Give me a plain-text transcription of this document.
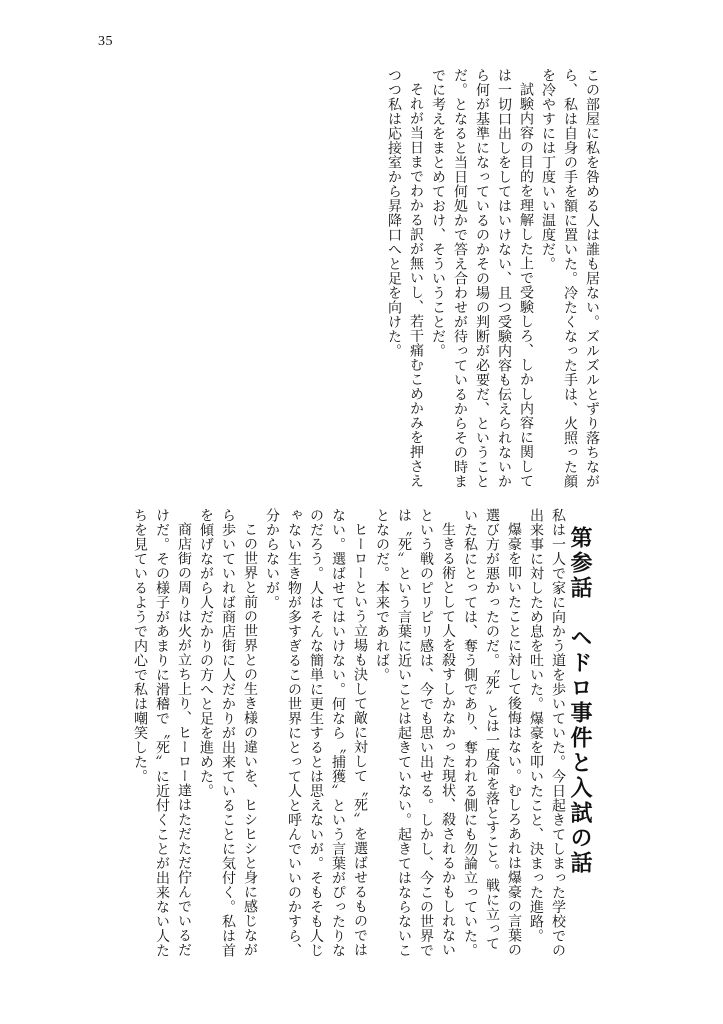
35

この部屋に私を咎める人は誰も居ない。ズルズルとずり落ちながら、私は自身の手を額に置いた。冷たくなった手は、火照った顔を冷やすには丁度いい温度だ。

試験内容の目的を理解した上で受験しろ、しかし内容に関しては一切口出しをしてはいけない、且つ受験内容も伝えられないから何が基準になっているのかその場の判断が必要だ、ということだ。となると当日何処かで答え合わせが待っているからその時までに考えをまとめておけ、そういうことだ。

それが当日までわかる訳が無いし、若干痛むこめかみを押さえつつ私は応接室から昇降口へと足を向けた。

第参話　ヘドロ事件と入試の話

私は一人で家に向かう道を歩いていた。今日起きてしまった学校での出来事に対しため息を吐いた。爆豪を叩いたこと、決まった進路。

爆豪を叩いたことに対して後悔はない。むしろあれは爆豪の言葉の選び方が悪かったのだ。〝死〟とは一度命を落とすこと。戦に立っていた私にとっては、奪う側であり、奪われる側にも勿論立っていた。

生きる術として人を殺すしかなかった現状、殺されるかもしれないという戦のピリピリ感は、今でも思い出せる。しかし、今この世界では〝死〟という言葉に近いことは起きていない。起きてはならないことなのだ。本来であれば。

ヒーローという立場も決して敵に対して〝死〟を選ばせるものではない。選ばせてはいけない。何なら〝捕獲〟という言葉がぴったりなのだろう。人はそんな簡単に更生するとは思えないが。そもそも人じゃない生き物が多すぎるこの世界にとって人と呼んでいいのかすら、分からないが。

この世界と前の世界との生き様の違いを、ヒシヒシと身に感じながら歩いていれば商店街に人だかりが出来ていることに気付く。私は首を傾げながら人だかりの方へと足を進めた。

商店街の周りは火が立ち上り、ヒーロー達はただただ佇んでいるだけだ。その様子があまりに滑稽で〝死〟に近付くことが出来ない人たちを見ているようで内心で私は嘲笑した。
